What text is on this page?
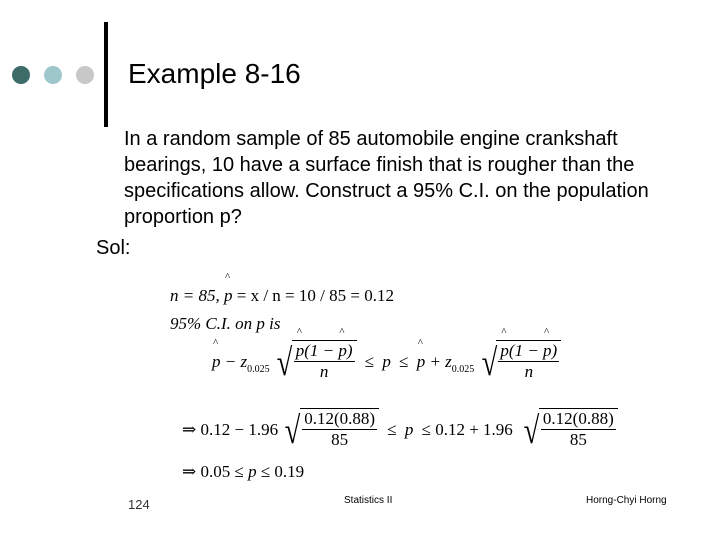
Example 8-16
In a random sample of 85 automobile engine crankshaft bearings, 10 have a surface finish that is rougher than the specifications allow. Construct a 95% C.I. on the population proportion p?
Sol:
n = 85, ^ p = x / n = 10 / 85 = 0.12
95% C.I. on p is
^ $p - z_{0.025}$ √ ^ $\frac{p(1 - \^{} p)}{n} \le p$ ≤ ^ $p + z_{0.025}$ √ ^ $\frac{p(1 - \^{} p)}{n}$
⇒ 0.12 − 1.96 √ $\frac{0.12(0.88)}{85} \le p \le 0.12 + 1.96$ √ $\frac{0.12(0.88)}{85}$
⇒ 0.05 ≤ p ≤ 0.19
124	Statistics II	Horng-Chyi Horng
